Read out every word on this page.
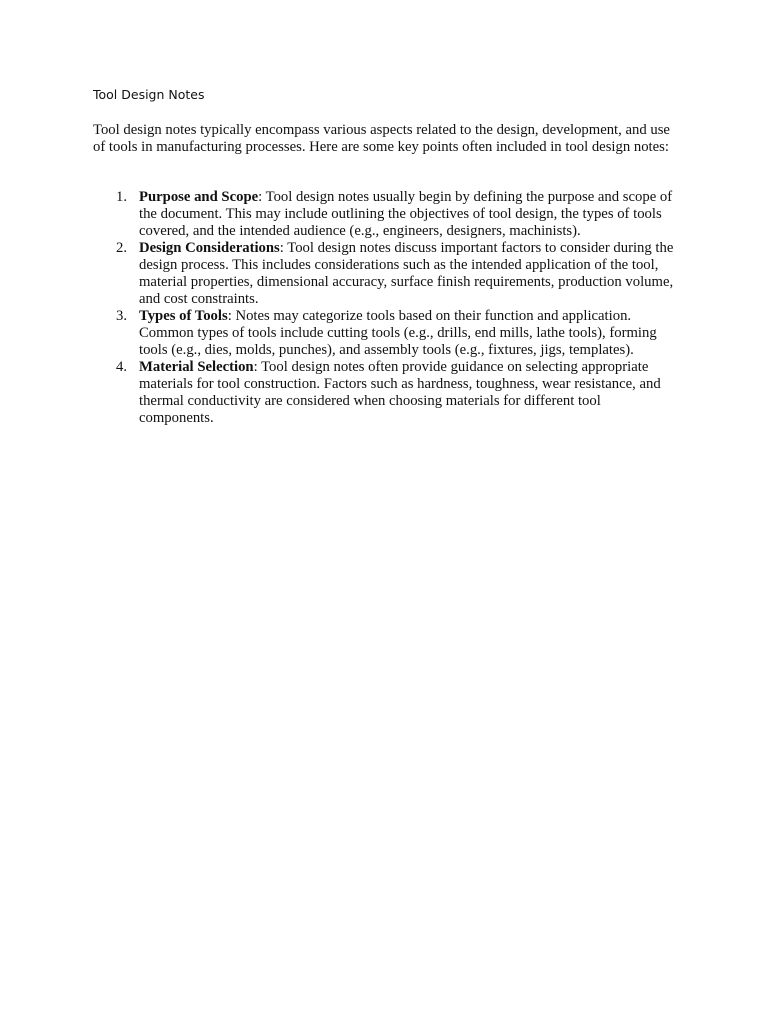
Tool Design Notes

Tool design notes typically encompass various aspects related to the design, development, and use of tools in manufacturing processes. Here are some key points often included in tool design notes:

1. Purpose and Scope: Tool design notes usually begin by defining the purpose and scope of the document. This may include outlining the objectives of tool design, the types of tools covered, and the intended audience (e.g., engineers, designers, machinists).
2. Design Considerations: Tool design notes discuss important factors to consider during the design process. This includes considerations such as the intended application of the tool, material properties, dimensional accuracy, surface finish requirements, production volume, and cost constraints.
3. Types of Tools: Notes may categorize tools based on their function and application. Common types of tools include cutting tools (e.g., drills, end mills, lathe tools), forming tools (e.g., dies, molds, punches), and assembly tools (e.g., fixtures, jigs, templates).
4. Material Selection: Tool design notes often provide guidance on selecting appropriate materials for tool construction. Factors such as hardness, toughness, wear resistance, and thermal conductivity are considered when choosing materials for different tool components.
